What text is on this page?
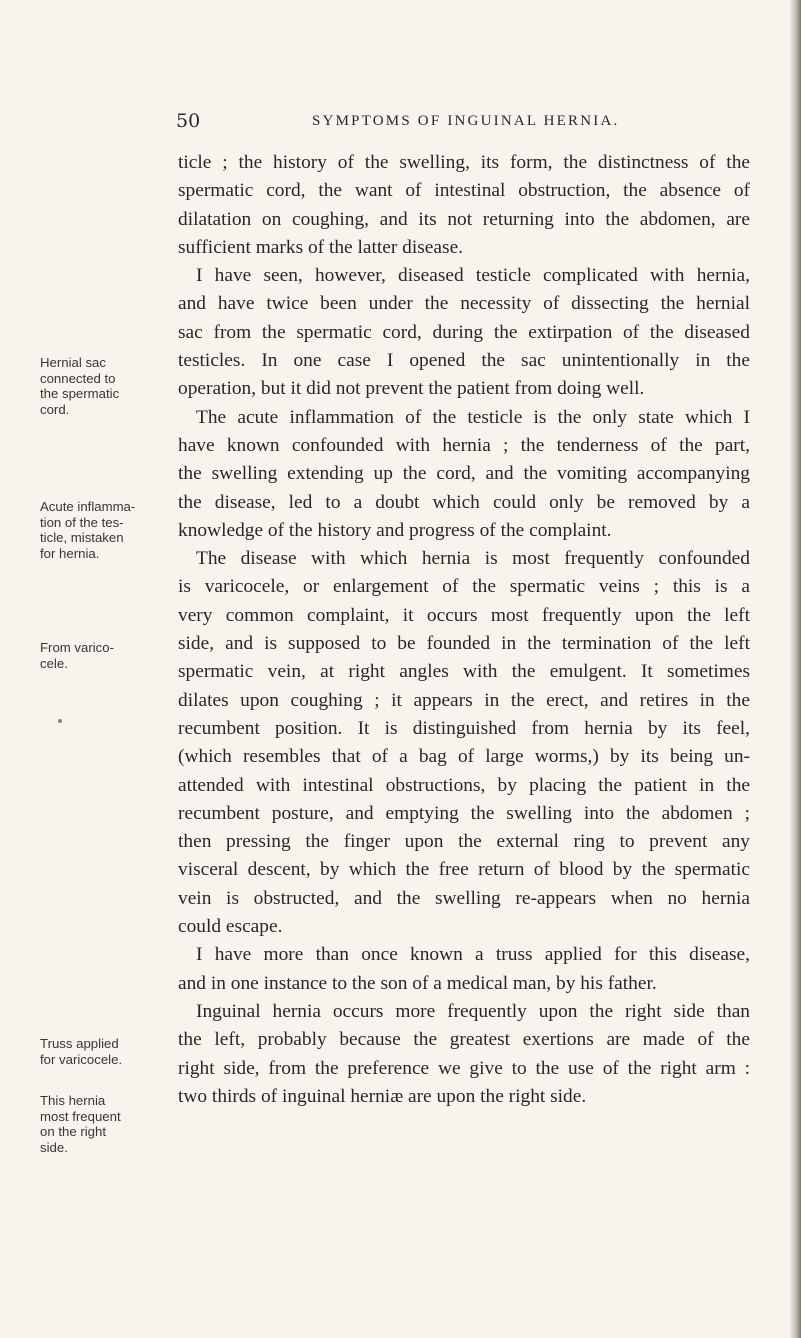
50	SYMPTOMS OF INGUINAL HERNIA.
Hernial sac
connected to
the spermatic
cord.
Acute inflamma-
tion of the tes-
ticle, mistaken
for hernia.
From varico-
cele.
Truss applied
for varicocele.
This hernia
most frequent
on the right
side.
ticle ; the history of the swelling, its form, the distinctness of the
spermatic cord, the want of intestinal obstruction, the absence of
dilatation on coughing, and its not returning into the abdomen, are
sufficient marks of the latter disease.
I have seen, however, diseased testicle complicated with hernia,
and have twice been under the necessity of dissecting the hernial
sac from the spermatic cord, during the extirpation of the diseased
testicles. In one case I opened the sac unintentionally in the
operation, but it did not prevent the patient from doing well.
The acute inflammation of the testicle is the only state which I
have known confounded with hernia ; the tenderness of the part,
the swelling extending up the cord, and the vomiting accompanying
the disease, led to a doubt which could only be removed by a
knowledge of the history and progress of the complaint.
The disease with which hernia is most frequently confounded
is varicocele, or enlargement of the spermatic veins ; this is a
very common complaint, it occurs most frequently upon the left
side, and is supposed to be founded in the termination of the left
spermatic vein, at right angles with the emulgent. It sometimes
dilates upon coughing ; it appears in the erect, and retires in the
recumbent position. It is distinguished from hernia by its feel,
(which resembles that of a bag of large worms,) by its being un-
attended with intestinal obstructions, by placing the patient in the
recumbent posture, and emptying the swelling into the abdomen ;
then pressing the finger upon the external ring to prevent any
visceral descent, by which the free return of blood by the spermatic
vein is obstructed, and the swelling re-appears when no hernia
could escape.
I have more than once known a truss applied for this disease,
and in one instance to the son of a medical man, by his father.
Inguinal hernia occurs more frequently upon the right side than
the left, probably because the greatest exertions are made of the
right side, from the preference we give to the use of the right arm :
two thirds of inguinal herniæ are upon the right side.
